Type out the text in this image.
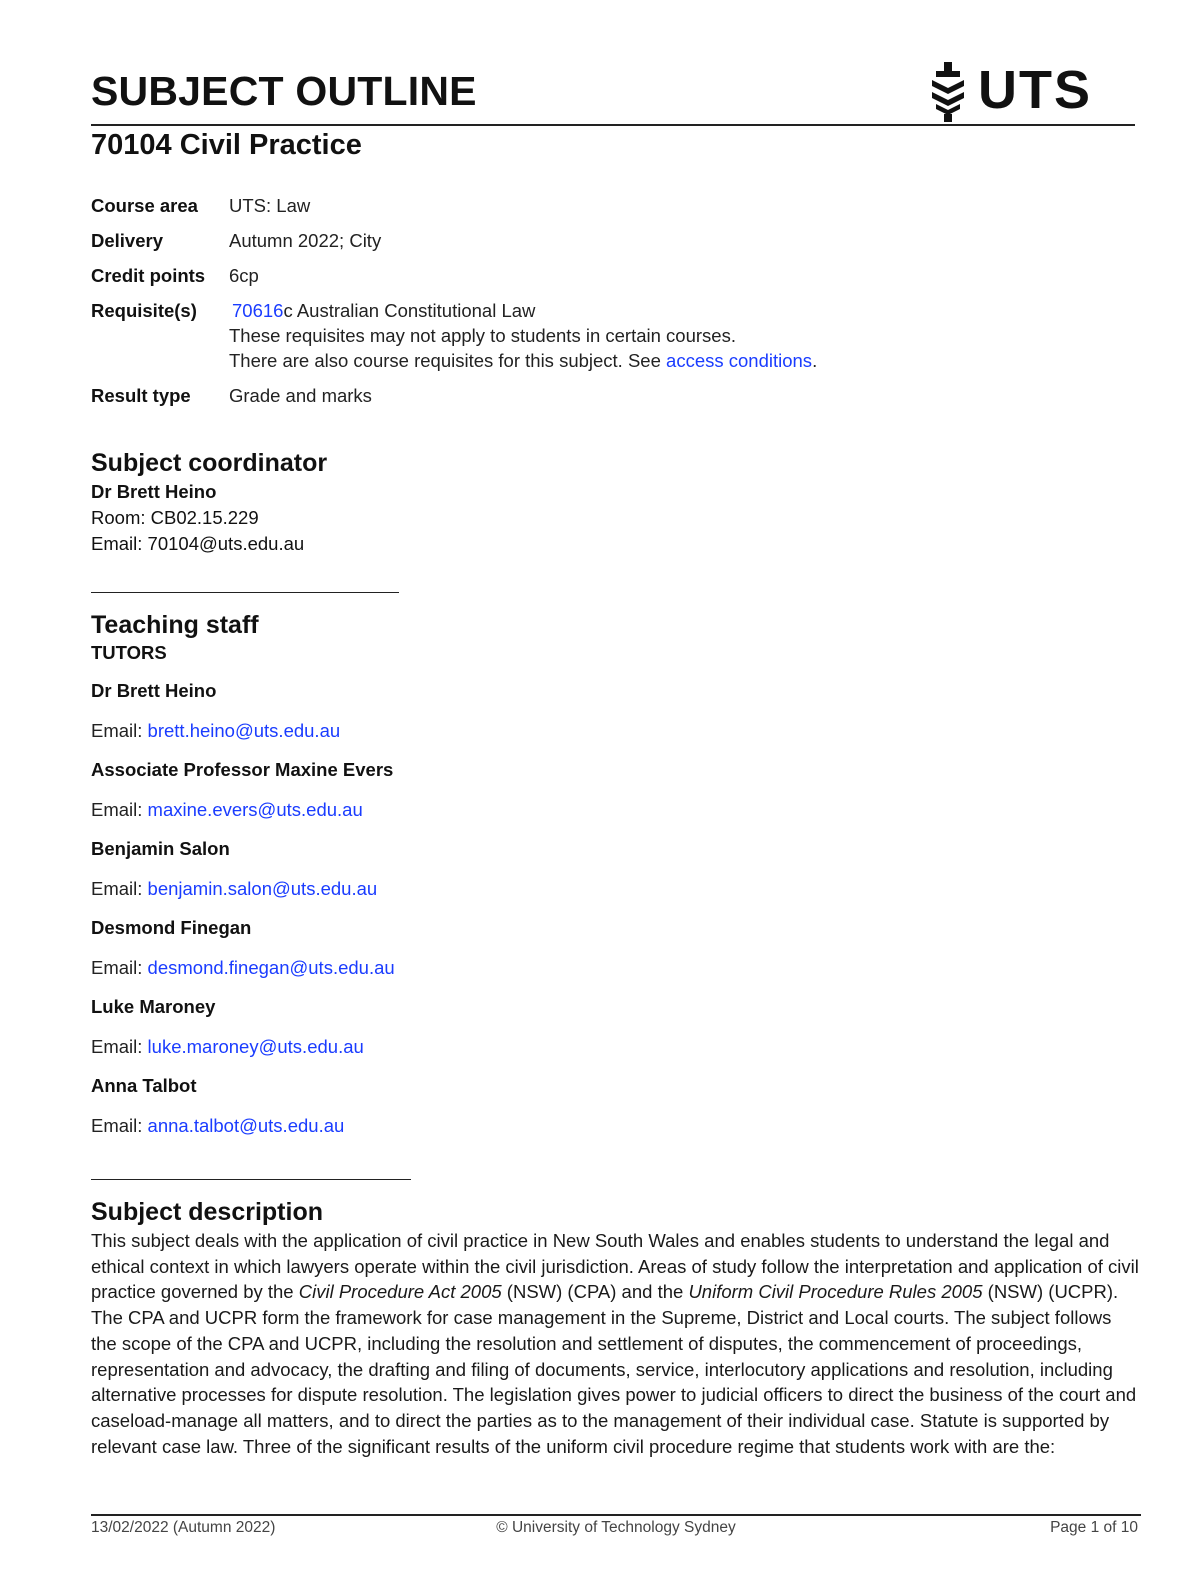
SUBJECT OUTLINE	UTS
70104 Civil Practice
Course area	UTS: Law
Delivery	Autumn 2022; City
Credit points	6cp
Requisite(s)	70616c Australian Constitutional Law
These requisites may not apply to students in certain courses.
There are also course requisites for this subject. See access conditions.
Result type	Grade and marks
Subject coordinator
Dr Brett Heino
Room: CB02.15.229
Email: 70104@uts.edu.au
Teaching staff
TUTORS
Dr Brett Heino
Email: brett.heino@uts.edu.au
Associate Professor Maxine Evers
Email: maxine.evers@uts.edu.au
Benjamin Salon
Email: benjamin.salon@uts.edu.au
Desmond Finegan
Email: desmond.finegan@uts.edu.au
Luke Maroney
Email: luke.maroney@uts.edu.au
Anna Talbot
Email: anna.talbot@uts.edu.au
Subject description

This subject deals with the application of civil practice in New South Wales and enables students to understand the legal and ethical context in which lawyers operate within the civil jurisdiction. Areas of study follow the interpretation and application of civil practice governed by the Civil Procedure Act 2005 (NSW) (CPA) and the Uniform Civil Procedure Rules 2005 (NSW) (UCPR). The CPA and UCPR form the framework for case management in the Supreme, District and Local courts. The subject follows the scope of the CPA and UCPR, including the resolution and settlement of disputes, the commencement of proceedings, representation and advocacy, the drafting and filing of documents, service, interlocutory applications and resolution, including alternative processes for dispute resolution. The legislation gives power to judicial officers to direct the business of the court and caseload-manage all matters, and to direct the parties as to the management of their individual case. Statute is supported by relevant case law. Three of the significant results of the uniform civil procedure regime that students work with are the:

13/02/2022 (Autumn 2022)	© University of Technology Sydney	Page 1 of 10
